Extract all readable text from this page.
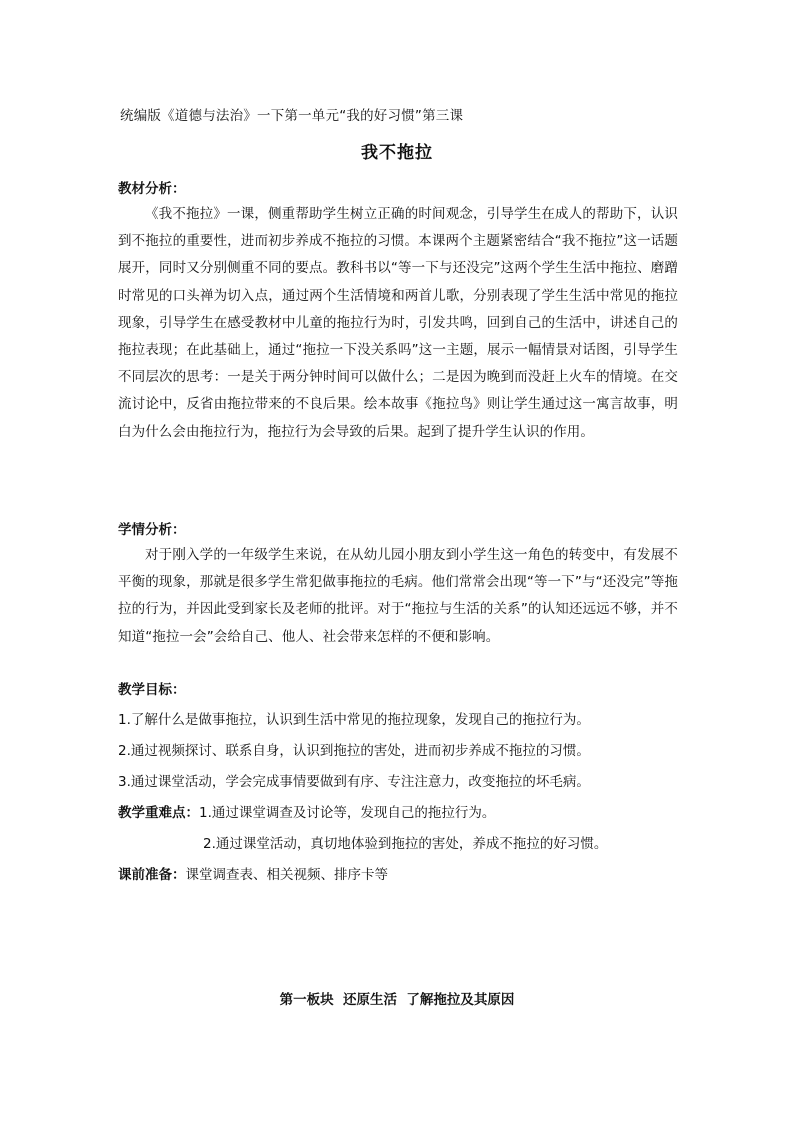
统编版《道德与法治》一下第一单元“我的好习惯”第三课
我不拖拉
教材分析：

《我不拖拉》一课，侧重帮助学生树立正确的时间观念，引导学生在成人的帮助下，认识到不拖拉的重要性，进而初步养成不拖拉的习惯。本课两个主题紧密结合“我不拖拉”这一话题展开，同时又分别侧重不同的要点。教科书以“等一下与还没完”这两个学生生活中拖拉、磨蹭时常见的口头禅为切入点，通过两个生活情境和两首儿歌，分别表现了学生生活中常见的拖拉现象，引导学生在感受教材中儿童的拖拉行为时，引发共鸣，回到自己的生活中，讲述自己的拖拉表现；在此基础上，通过“拖拉一下没关系吗”这一主题，展示一幅情景对话图，引导学生不同层次的思考：一是关于两分钟时间可以做什么；二是因为晚到而没赶上火车的情境。在交流讨论中，反省由拖拉带来的不良后果。绘本故事《拖拉鸟》则让学生通过这一寓言故事，明白为什么会由拖拉行为，拖拉行为会导致的后果。起到了提升学生认识的作用。

学情分析：

对于刚入学的一年级学生来说，在从幼儿园小朋友到小学生这一角色的转变中，有发展不平衡的现象，那就是很多学生常犯做事拖拉的毛病。他们常常会出现“等一下”与“还没完”等拖拉的行为，并因此受到家长及老师的批评。对于“拖拉与生活的关系”的认知还远远不够，并不知道“拖拉一会”会给自己、他人、社会带来怎样的不便和影响。

教学目标：
1.了解什么是做事拖拉，认识到生活中常见的拖拉现象，发现自己的拖拉行为。
2.通过视频探讨、联系自身，认识到拖拉的害处，进而初步养成不拖拉的习惯。
3.通过课堂活动，学会完成事情要做到有序、专注注意力，改变拖拉的坏毛病。
教学重难点：1.通过课堂调查及讨论等，发现自己的拖拉行为。
2.通过课堂活动，真切地体验到拖拉的害处，养成不拖拉的好习惯。
课前准备：课堂调查表、相关视频、排序卡等
第一板块  还原生活  了解拖拉及其原因
